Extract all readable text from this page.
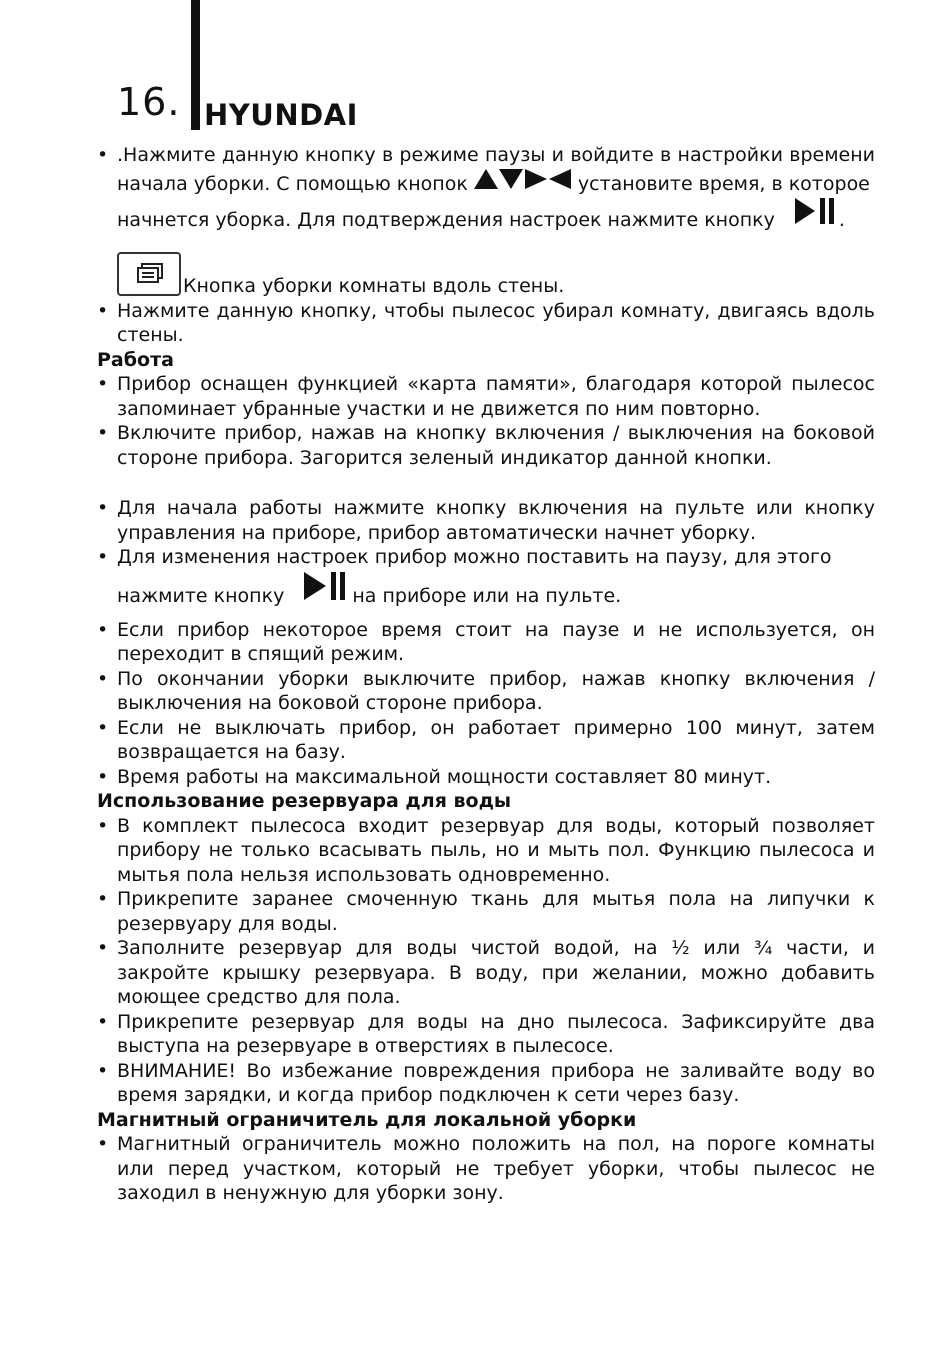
16. HYUNDAI
• .Нажмите данную кнопку в режиме паузы и войдите в настройки времени начала уборки. С помощью кнопок	установите время, в которое
начнется уборка. Для подтверждения настроек нажмите кнопку	.
Кнопка уборки комнаты вдоль стены.
• Нажмите данную кнопку, чтобы пылесос убирал комнату, двигаясь вдоль стены.
Работа
• Прибор оснащен функцией «карта памяти», благодаря которой пылесос запоминает убранные участки и не движется по ним повторно.
• Включите прибор, нажав на кнопку включения / выключения на боковой стороне прибора. Загорится зеленый индикатор данной кнопки.
• Для начала работы нажмите кнопку включения на пульте или кнопку управления на приборе, прибор автоматически начнет уборку.
• Для изменения настроек прибор можно поставить на паузу, для этого
нажмите кнопку	на приборе или на пульте.
• Если прибор некоторое время стоит на паузе и не используется, он переходит в спящий режим.
• По окончании уборки выключите прибор, нажав кнопку включения / выключения на боковой стороне прибора.
• Если не выключать прибор, он работает примерно 100 минут, затем возвращается на базу.
• Время работы на максимальной мощности составляет 80 минут.
Использование резервуара для воды
• В комплект пылесоса входит резервуар для воды, который позволяет прибору не только всасывать пыль, но и мыть пол. Функцию пылесоса и мытья пола нельзя использовать одновременно.
• Прикрепите заранее смоченную ткань для мытья пола на липучки к резервуару для воды.
• Заполните резервуар для воды чистой водой, на ½ или ¾ части, и закройте крышку резервуара. В воду, при желании, можно добавить моющее средство для пола.
• Прикрепите резервуар для воды на дно пылесоса. Зафиксируйте два выступа на резервуаре в отверстиях в пылесосе.
• ВНИМАНИЕ! Во избежание повреждения прибора не заливайте воду во время зарядки, и когда прибор подключен к сети через базу.
Магнитный ограничитель для локальной уборки
• Магнитный ограничитель можно положить на пол, на пороге комнаты или перед участком, который не требует уборки, чтобы пылесос не заходил в ненужную для уборки зону.
